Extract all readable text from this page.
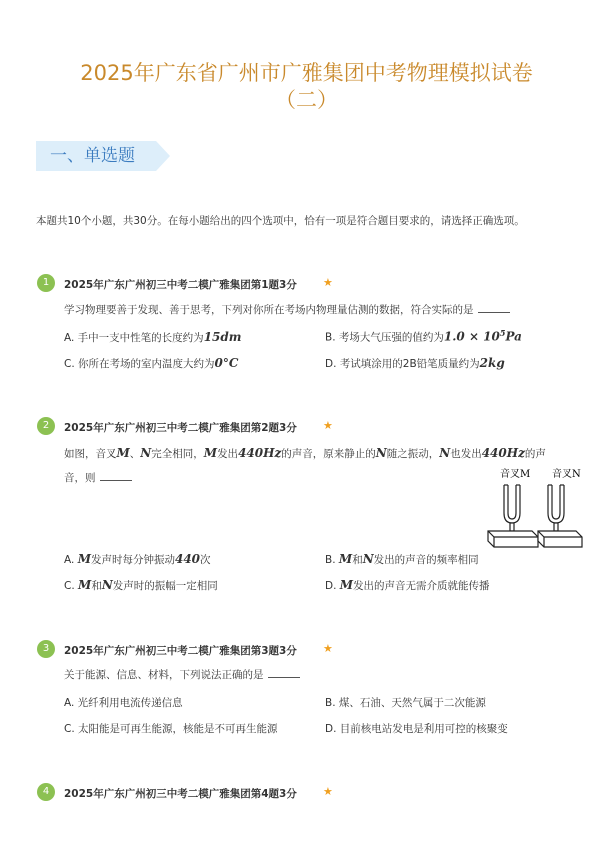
2025年广东省广州市广雅集团中考物理模拟试卷
（二）
一、单选题
本题共10个小题，共30分。在每小题给出的四个选项中，恰有一项是符合题目要求的，请选择正确选项。
1	2025年广东广州初三中考二模广雅集团第1题3分 ★
学习物理要善于发现、善于思考，下列对你所在考场内物理量估测的数据，符合实际的是
A. 手中一支中性笔的长度约为15dm	B. 考场大气压强的值约为$1.0 \times 10^5Pa$
C. 你所在考场的室内温度大约为0°C	D. 考试填涂用的2B铅笔质量约为2kg
2	2025年广东广州初三中考二模广雅集团第2题3分 ★
如图，音叉M、N完全相同，M发出440Hz的声音，原来静止的N随之振动，N也发出440Hz的声
音，则	音叉M 音叉N
A. M发声时每分钟振动440次	B. M和N发出的声音的频率相同
C. M和N发声时的振幅一定相同	D. M发出的声音无需介质就能传播
3	2025年广东广州初三中考二模广雅集团第3题3分 ★
关于能源、信息、材料，下列说法正确的是
A. 光纤利用电流传递信息	B. 煤、石油、天然气属于二次能源
C. 太阳能是可再生能源，核能是不可再生能源	D. 目前核电站发电是利用可控的核聚变
4	2025年广东广州初三中考二模广雅集团第4题3分 ★
